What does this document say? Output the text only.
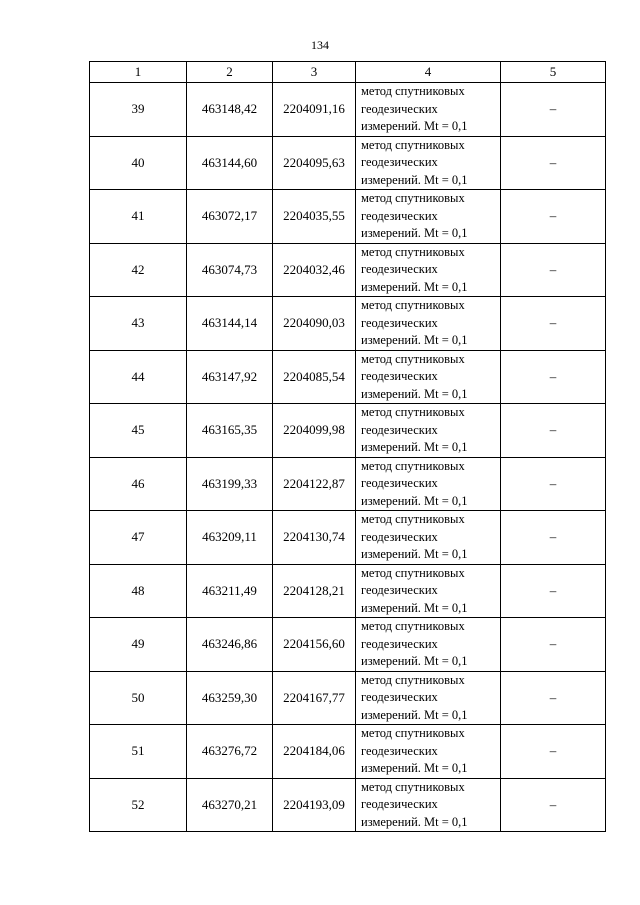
134
1	2	3	4	5
39	463148,42	2204091,16	метод спутниковых
геодезических
измерений. Mt = 0,1	–
40	463144,60	2204095,63	метод спутниковых
геодезических
измерений. Mt = 0,1	–
41	463072,17	2204035,55	метод спутниковых
геодезических
измерений. Mt = 0,1	–
42	463074,73	2204032,46	метод спутниковых
геодезических
измерений. Mt = 0,1	–
43	463144,14	2204090,03	метод спутниковых
геодезических
измерений. Mt = 0,1	–
44	463147,92	2204085,54	метод спутниковых
геодезических
измерений. Mt = 0,1	–
45	463165,35	2204099,98	метод спутниковых
геодезических
измерений. Mt = 0,1	–
46	463199,33	2204122,87	метод спутниковых
геодезических
измерений. Mt = 0,1	–
47	463209,11	2204130,74	метод спутниковых
геодезических
измерений. Mt = 0,1	–
48	463211,49	2204128,21	метод спутниковых
геодезических
измерений. Mt = 0,1	–
49	463246,86	2204156,60	метод спутниковых
геодезических
измерений. Mt = 0,1	–
50	463259,30	2204167,77	метод спутниковых
геодезических
измерений. Mt = 0,1	–
51	463276,72	2204184,06	метод спутниковых
геодезических
измерений. Mt = 0,1	–
52	463270,21	2204193,09	метод спутниковых
геодезических
измерений. Mt = 0,1	–
